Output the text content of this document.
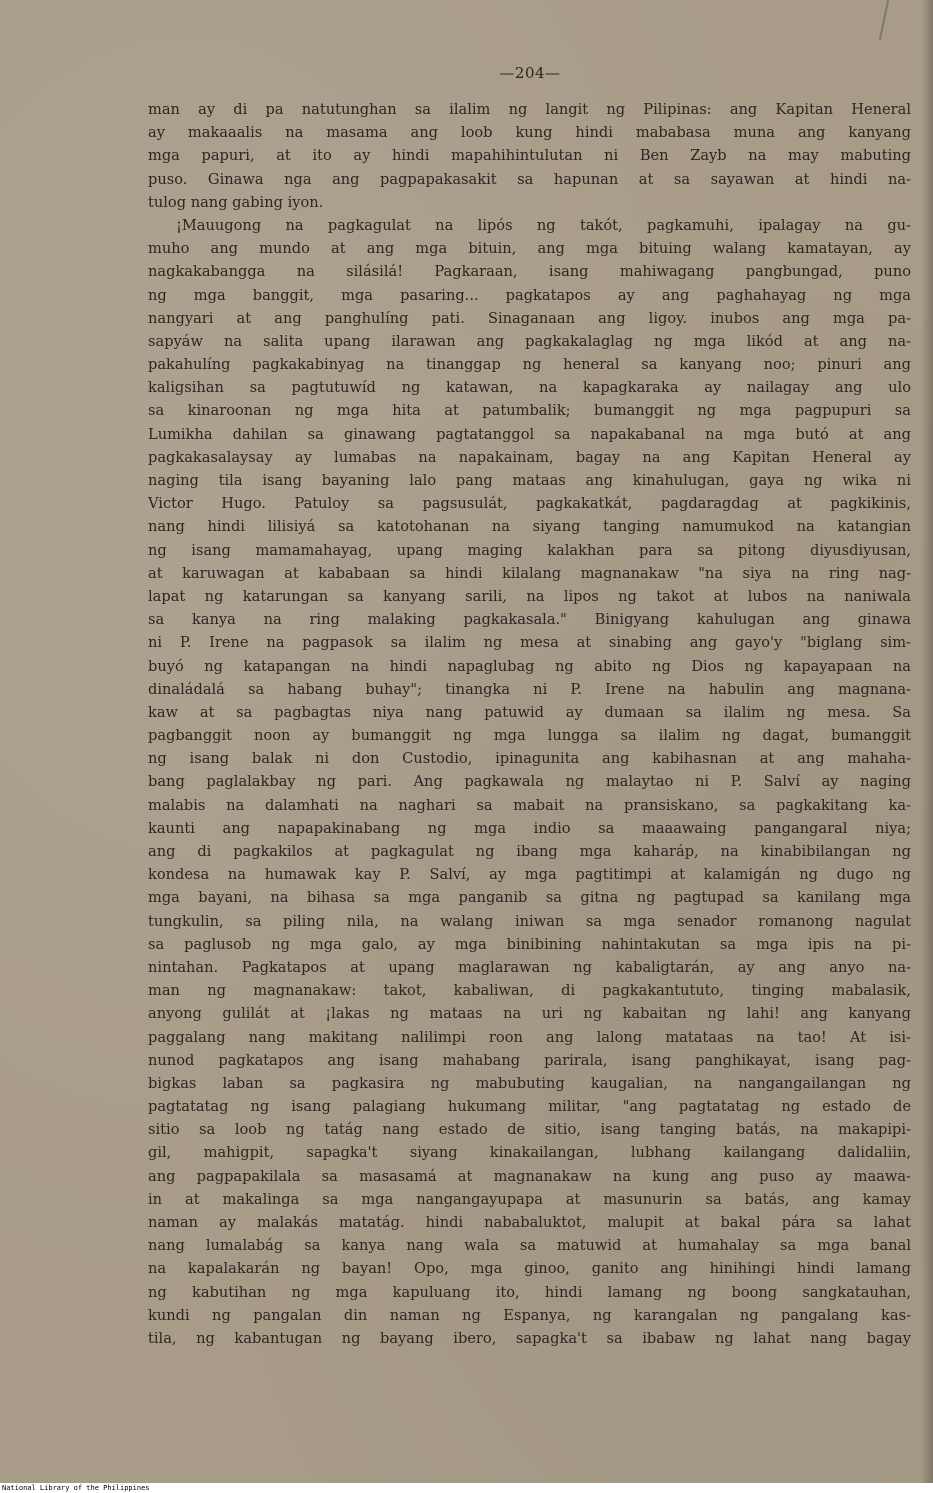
—204—
man ay di pa natutunghan sa ilalim ng langit ng Pilipinas: ang Kapitan Heneral
ay makaaalis na masama ang loob kung hindi mababasa muna ang kanyang
mga papuri, at ito ay hindi mapahihintulutan ni Ben Zayb na may mabuting
puso. Ginawa nga ang pagpapakasakit sa hapunan at sa sayawan at hindi na-
tulog nang gabing iyon.
¡Mauugong na pagkagulat na lipós ng takót, pagkamuhi, ipalagay na gu-
muho ang mundo at ang mga bituin, ang mga bituing walang kamatayan, ay
nagkakabangga na silásilá! Pagkaraan, isang mahiwagang pangbungad, puno
ng mga banggit, mga pasaring... pagkatapos ay ang paghahayag ng mga
nangyari at ang panghulíng pati. Sinaganaan ang ligoy. inubos ang mga pa-
sapyáw na salita upang ilarawan ang pagkakalaglag ng mga likód at ang na-
pakahulíng pagkakabinyag na tinanggap ng heneral sa kanyang noo; pinuri ang
kaligsihan sa pagtutuwíd ng katawan, na kapagkaraka ay nailagay ang ulo
sa kinaroonan ng mga hita at patumbalik; bumanggit ng mga pagpupuri sa
Lumikha dahilan sa ginawang pagtatanggol sa napakabanal na mga butó at ang
pagkakasalaysay ay lumabas na napakainam, bagay na ang Kapitan Heneral ay
naging tila isang bayaning lalo pang mataas ang kinahulugan, gaya ng wika ni
Victor Hugo. Patuloy sa pagsusulát, pagkakatkát, pagdaragdag at pagkikinis,
nang hindi lilisiyá sa katotohanan na siyang tanging namumukod na katangian
ng isang mamamahayag, upang maging kalakhan para sa pitong diyusdiyusan,
at karuwagan at kababaan sa hindi kilalang magnanakaw "na siya na ring nag-
lapat ng katarungan sa kanyang sarili, na lipos ng takot at lubos na naniwala
sa kanya na ring malaking pagkakasala." Binigyang kahulugan ang ginawa
ni P. Irene na pagpasok sa ilalim ng mesa at sinabing ang gayo'y "biglang sim-
buyó ng katapangan na hindi napaglubag ng abito ng Dios ng kapayapaan na
dinaládalá sa habang buhay"; tinangka ni P. Irene na habulin ang magnana-
kaw at sa pagbagtas niya nang patuwid ay dumaan sa ilalim ng mesa. Sa
pagbanggit noon ay bumanggit ng mga lungga sa ilalim ng dagat, bumanggit
ng isang balak ni don Custodio, ipinagunita ang kabihasnan at ang mahaha-
bang paglalakbay ng pari. Ang pagkawala ng malaytao ni P. Salví ay naging
malabis na dalamhati na naghari sa mabait na pransiskano, sa pagkakitang ka-
kaunti ang napapakinabang ng mga indio sa maaawaing pangangaral niya;
ang di pagkakilos at pagkagulat ng ibang mga kaharáp, na kinabibilangan ng
kondesa na humawak kay P. Salví, ay mga pagtitimpi at kalamigán ng dugo ng
mga bayani, na bihasa sa mga panganib sa gitna ng pagtupad sa kanilang mga
tungkulin, sa piling nila, na walang iniwan sa mga senador romanong nagulat
sa paglusob ng mga galo, ay mga binibining nahintakutan sa mga ipis na pi-
nintahan. Pagkatapos at upang maglarawan ng kabaligtarán, ay ang anyo na-
man ng magnanakaw: takot, kabaliwan, di pagkakantututo, tinging mabalasik,
anyong gulilát at ¡lakas ng mataas na uri ng kabaitan ng lahi! ang kanyang
paggalang nang makitang nalilimpi roon ang lalong matataas na tao! At isi-
nunod pagkatapos ang isang mahabang parirala, isang panghikayat, isang pag-
bigkas laban sa pagkasira ng mabubuting kaugalian, na nangangailangan ng
pagtatatag ng isang palagiang hukumang militar, "ang pagtatatag ng estado de
sitio sa loob ng tatág nang estado de sitio, isang tanging batás, na makapipi-
gil, mahigpit, sapagka't siyang kinakailangan, lubhang kailangang dalidaliin,
ang pagpapakilala sa masasamá at magnanakaw na kung ang puso ay maawa-
in at makalinga sa mga nangangayupapa at masunurin sa batás, ang kamay
naman ay malakás matatág. hindi nababaluktot, malupit at bakal pára sa lahat
nang lumalabág sa kanya nang wala sa matuwid at humahalay sa mga banal
na kapalakarán ng bayan! Opo, mga ginoo, ganito ang hinihingi hindi lamang
ng kabutihan ng mga kapuluang ito, hindi lamang ng boong sangkatauhan,
kundi ng pangalan din naman ng Espanya, ng karangalan ng pangalang kas-
tila, ng kabantugan ng bayang ibero, sapagka't sa ibabaw ng lahat nang bagay
National Library of the Philippines
